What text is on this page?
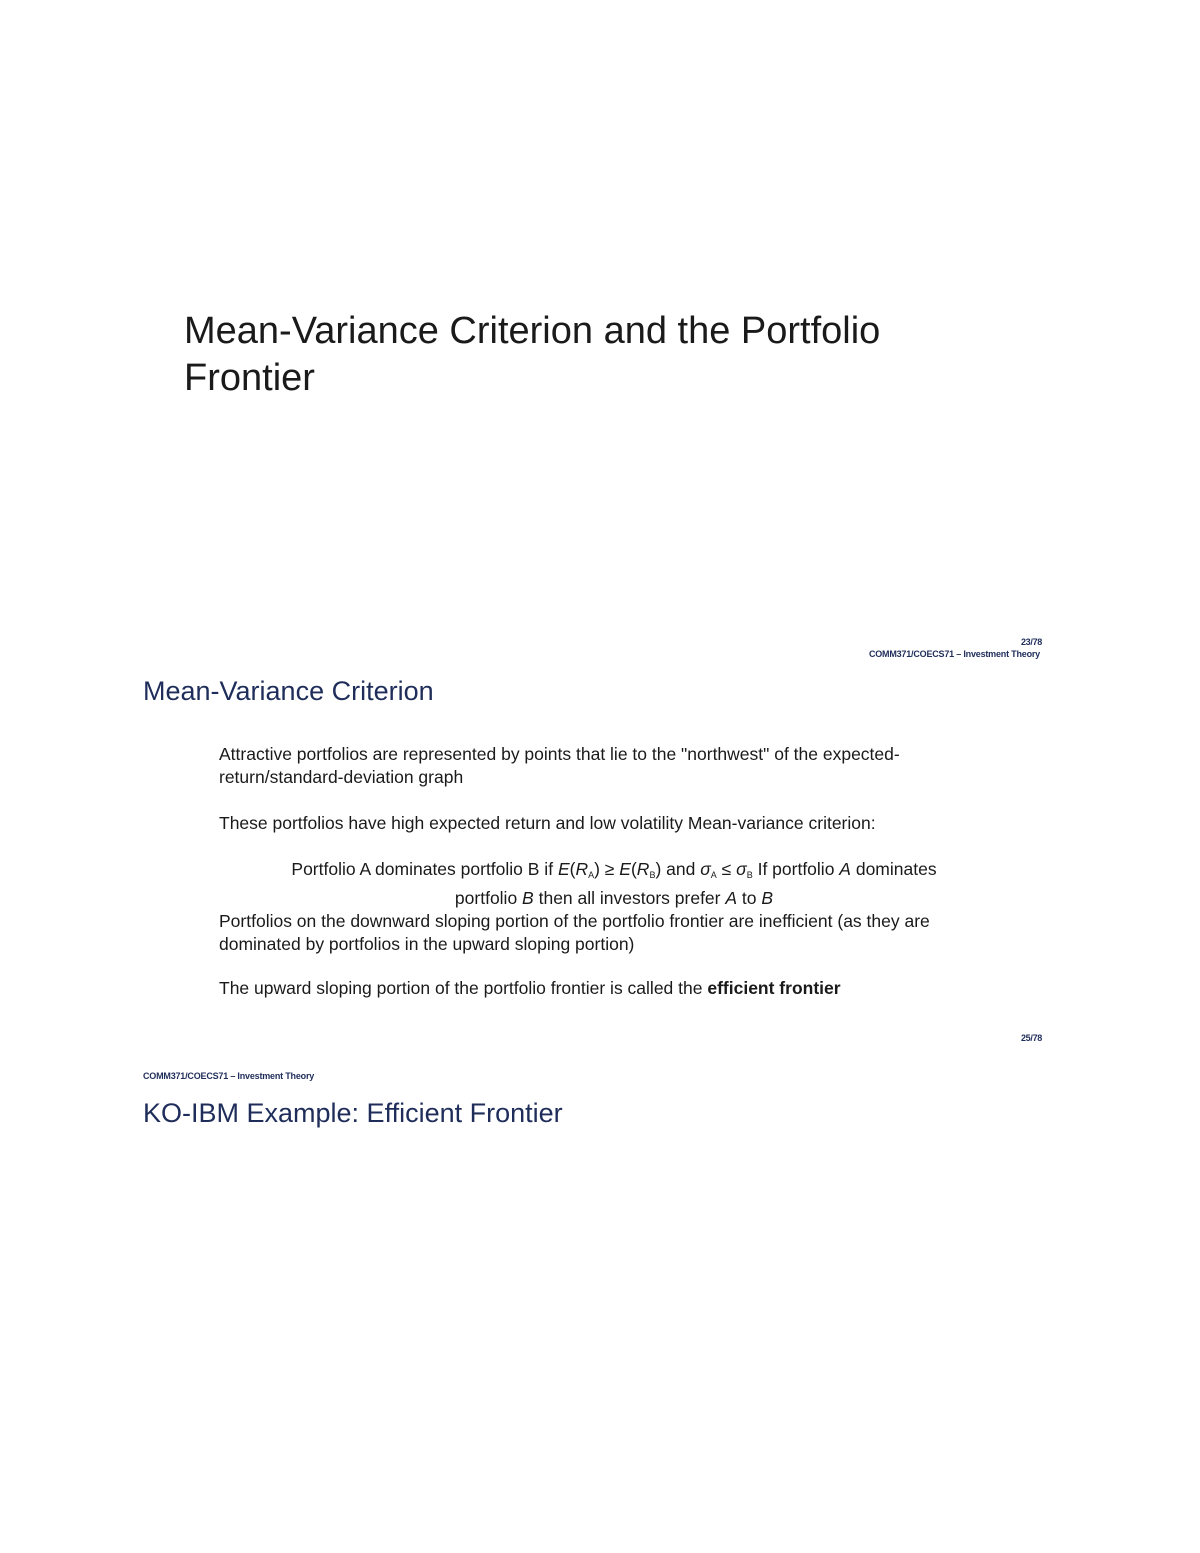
Mean-Variance Criterion and the Portfolio Frontier
23/78
COMM371/COECS71 – Investment Theory
Mean-Variance Criterion

Attractive portfolios are represented by points that lie to the "northwest" of the expected-return/standard-deviation graph

These portfolios have high expected return and low volatility Mean-variance criterion:

Portfolio A dominates portfolio B if $E(R_A) \ge E(R_B)$ and $\sigma_A \le \sigma_B$ If portfolio A dominates
portfolio B then all investors prefer A to B

Portfolios on the downward sloping portion of the portfolio frontier are inefficient (as they are dominated by portfolios in the upward sloping portion)

The upward sloping portion of the portfolio frontier is called the efficient frontier

25/78
COMM371/COECS71 – Investment Theory
KO-IBM Example: Efficient Frontier
